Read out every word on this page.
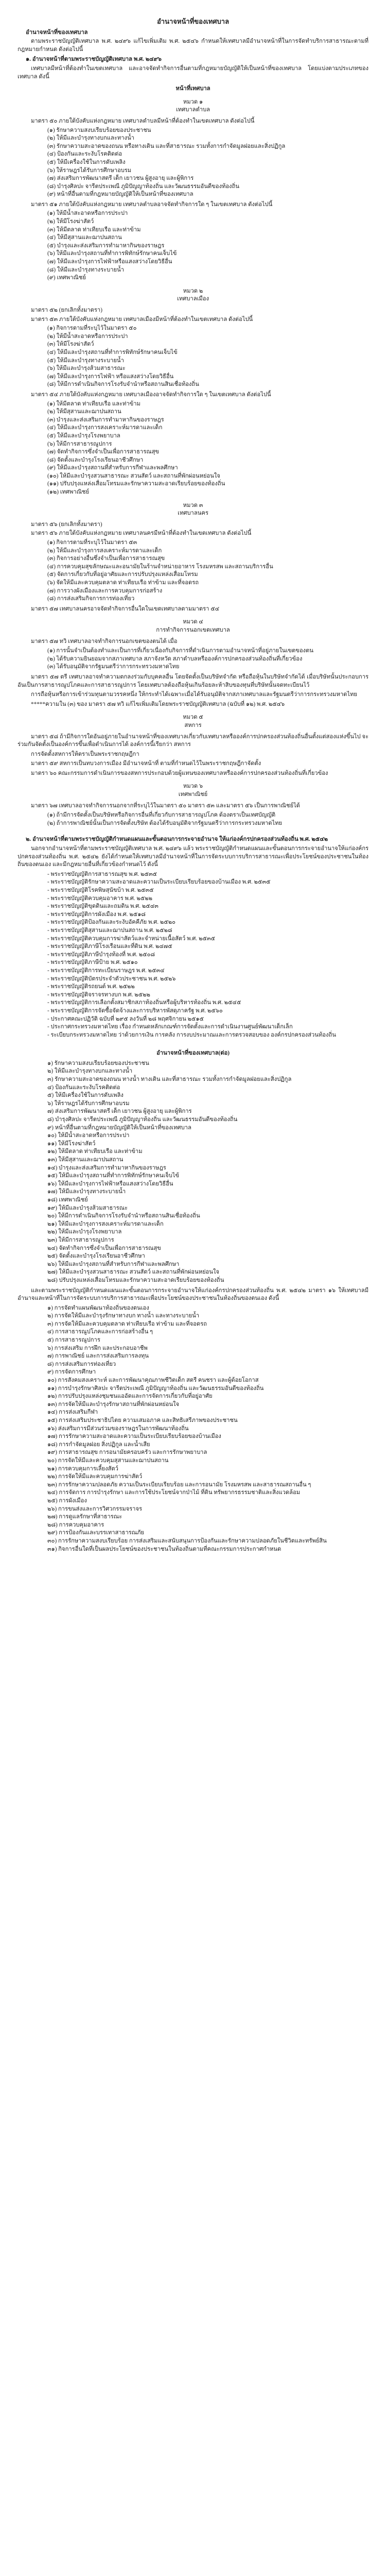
อำนาจหน้าที่ของเทศบาล
อำนาจหน้าที่ของเทศบาล

ตามพระราชบัญญัติเทศบาล พ.ศ. ๒๔๙๖ แก้ไขเพิ่มเติม พ.ศ. ๒๕๔๖ กำหนดให้เทศบาลมีอำนาจหน้าที่ในการจัดทำบริการสาธารณะตามที่กฎหมายกำหนด ดังต่อไปนี้

๑. อำนาจหน้าที่ตามพระราชบัญญัติเทศบาล พ.ศ. ๒๔๙๖

เทศบาลมีหน้าที่ต้องทำในเขตเทศบาล และอาจจัดทำกิจการอื่นตามที่กฎหมายบัญญัติให้เป็นหน้าที่ของเทศบาล โดยแบ่งตามประเภทของเทศบาล ดังนี้

หน้าที่เทศบาล
หมวด ๑
เทศบาลตำบล

มาตรา ๕๐ ภายใต้บังคับแห่งกฎหมาย เทศบาลตำบลมีหน้าที่ต้องทำในเขตเทศบาล ดังต่อไปนี้

(๑) รักษาความสงบเรียบร้อยของประชาชน
(๒) ให้มีและบำรุงทางบกและทางน้ำ
(๓) รักษาความสะอาดของถนน หรือทางเดิน และที่สาธารณะ รวมทั้งการกำจัดมูลฝอยและสิ่งปฏิกูล
(๔) ป้องกันและระงับโรคติดต่อ
(๕) ให้มีเครื่องใช้ในการดับเพลิง
(๖) ให้ราษฎรได้รับการศึกษาอบรม
(๗) ส่งเสริมการพัฒนาสตรี เด็ก เยาวชน ผู้สูงอายุ และผู้พิการ
(๘) บำรุงศิลปะ จารีตประเพณี ภูมิปัญญาท้องถิ่น และวัฒนธรรมอันดีของท้องถิ่น
(๙) หน้าที่อื่นตามที่กฎหมายบัญญัติให้เป็นหน้าที่ของเทศบาล

มาตรา ๕๑ ภายใต้บังคับแห่งกฎหมาย เทศบาลตำบลอาจจัดทำกิจการใด ๆ ในเขตเทศบาล ดังต่อไปนี้

(๑) ให้มีน้ำสะอาดหรือการประปา
(๒) ให้มีโรงฆ่าสัตว์
(๓) ให้มีตลาด ท่าเทียบเรือ และท่าข้าม
(๔) ให้มีสุสานและฌาปนสถาน
(๕) บำรุงและส่งเสริมการทำมาหากินของราษฎร
(๖) ให้มีและบำรุงสถานที่ทำการพิทักษ์รักษาคนเจ็บไข้
(๗) ให้มีและบำรุงการไฟฟ้าหรือแสงสว่างโดยวิธีอื่น
(๘) ให้มีและบำรุงทางระบายน้ำ
(๙) เทศพาณิชย์
หมวด ๒
เทศบาลเมือง

มาตรา ๕๒ (ยกเลิกทั้งมาตรา)

มาตรา ๕๓ ภายใต้บังคับแห่งกฎหมาย เทศบาลเมืองมีหน้าที่ต้องทำในเขตเทศบาล ดังต่อไปนี้

(๑) กิจการตามที่ระบุไว้ในมาตรา ๕๐
(๒) ให้มีน้ำสะอาดหรือการประปา
(๓) ให้มีโรงฆ่าสัตว์
(๔) ให้มีและบำรุงสถานที่ทำการพิทักษ์รักษาคนเจ็บไข้
(๕) ให้มีและบำรุงทางระบายน้ำ
(๖) ให้มีและบำรุงส้วมสาธารณะ
(๗) ให้มีและบำรุงการไฟฟ้า หรือแสงสว่างโดยวิธีอื่น
(๘) ให้มีการดำเนินกิจการโรงรับจำนำหรือสถานสินเชื่อท้องถิ่น

มาตรา ๕๔ ภายใต้บังคับแห่งกฎหมาย เทศบาลเมืองอาจจัดทำกิจการใด ๆ ในเขตเทศบาล ดังต่อไปนี้

(๑) ให้มีตลาด ท่าเทียบเรือ และท่าข้าม
(๒) ให้มีสุสานและฌาปนสถาน
(๓) บำรุงและส่งเสริมการทำมาหากินของราษฎร
(๔) ให้มีและบำรุงการสงเคราะห์มารดาและเด็ก
(๕) ให้มีและบำรุงโรงพยาบาล
(๖) ให้มีการสาธารณูปการ
(๗) จัดทำกิจการซึ่งจำเป็นเพื่อการสาธารณสุข
(๘) จัดตั้งและบำรุงโรงเรียนอาชีวศึกษา
(๙) ให้มีและบำรุงสถานที่สำหรับการกีฬาและพลศึกษา
(๑๐) ให้มีและบำรุงสวนสาธารณะ สวนสัตว์ และสถานที่พักผ่อนหย่อนใจ
(๑๑) ปรับปรุงแหล่งเสื่อมโทรมและรักษาความสะอาดเรียบร้อยของท้องถิ่น
(๑๒) เทศพาณิชย์
หมวด ๓
เทศบาลนคร

มาตรา ๕๖ (ยกเลิกทั้งมาตรา)

มาตรา ๕๖ ภายใต้บังคับแห่งกฎหมาย เทศบาลนครมีหน้าที่ต้องทำในเขตเทศบาล ดังต่อไปนี้

(๑) กิจการตามที่ระบุไว้ในมาตรา ๕๓
(๒) ให้มีและบำรุงการสงเคราะห์มารดาและเด็ก
(๓) กิจการอย่างอื่นซึ่งจำเป็นเพื่อการสาธารณสุข
(๔) การควบคุมสุขลักษณะและอนามัยในร้านจำหน่ายอาหาร โรงมหรสพ และสถานบริการอื่น
(๕) จัดการเกี่ยวกับที่อยู่อาศัยและการปรับปรุงแหล่งเสื่อมโทรม
(๖) จัดให้มีและควบคุมตลาด ท่าเทียบเรือ ท่าข้าม และที่จอดรถ
(๗) การวางผังเมืองและการควบคุมการก่อสร้าง
(๘) การส่งเสริมกิจการการท่องเที่ยว

มาตรา ๕๗ เทศบาลนครอาจจัดทำกิจการอื่นใดในเขตเทศบาลตามมาตรา ๕๔

หมวด ๔
การทำกิจการนอกเขตเทศบาล

มาตรา ๕๗ ทวิ เทศบาลอาจทำกิจการนอกเขตของตนได้ เมื่อ

(๑) การนั้นจำเป็นต้องทำและเป็นการที่เกี่ยวเนื่องกับกิจการที่ดำเนินการตามอำนาจหน้าที่อยู่ภายในเขตของตน
(๒) ได้รับความยินยอมจากสภาเทศบาล สภาจังหวัด สภาตำบลหรือองค์การปกครองส่วนท้องถิ่นที่เกี่ยวข้อง
(๓) ได้รับอนุมัติจากรัฐมนตรีว่าการกระทรวงมหาดไทย

มาตรา ๕๗ ตรี เทศบาลอาจทำความตกลงร่วมกับบุคคลอื่น โดยจัดตั้งเป็นบริษัทจำกัด หรือถือหุ้นในบริษัทจำกัดได้ เมื่อบริษัทนั้นประกอบการอันเป็นการสาธารณูปโภคและการสาธารณูปการ โดยเทศบาลต้องถือหุ้นเกินร้อยละห้าสิบของทุนที่บริษัทนั้นจดทะเบียนไว้

การถือหุ้นหรือการเข้าร่วมทุนตามวรรคหนึ่ง ให้กระทำได้เฉพาะเมื่อได้รับอนุมัติจากสภาเทศบาลและรัฐมนตรีว่าการกระทรวงมหาดไทย

*****ความใน (๓) ของ มาตรา ๕๗ ทวิ แก้ไขเพิ่มเติมโดยพระราชบัญญัติเทศบาล (ฉบับที่ ๑๒) พ.ศ. ๒๕๔๖

หมวด ๕
สหการ

มาตรา ๕๘ ถ้ามีกิจการใดอันอยู่ภายในอำนาจหน้าที่ของเทศบาลเกี่ยวกับเทศบาลหรือองค์การปกครองส่วนท้องถิ่นอื่นตั้งแต่สองแห่งขึ้นไป จะร่วมกันจัดตั้งเป็นองค์การขึ้นเพื่อดำเนินการได้ องค์การนี้เรียกว่า สหการ

การจัดตั้งสหการให้ตราเป็นพระราชกฤษฎีกา

มาตรา ๕๙ สหการเป็นทบวงการเมือง มีอำนาจหน้าที่ ตามที่กำหนดไว้ในพระราชกฤษฎีกาจัดตั้ง

มาตรา ๖๐ คณะกรรมการดำเนินการของสหการประกอบด้วยผู้แทนของเทศบาลหรือองค์การปกครองส่วนท้องถิ่นที่เกี่ยวข้อง

หมวด ๖
เทศพาณิชย์

มาตรา ๖๗ เทศบาลอาจทำกิจการนอกจากที่ระบุไว้ในมาตรา ๕๐ มาตรา ๕๓ และมาตรา ๕๖ เป็นการพาณิชย์ได้

(๑) ถ้ามีการจัดตั้งเป็นบริษัทหรือกิจการอื่นที่เกี่ยวกับการสาธารณูปโภค ต้องตราเป็นเทศบัญญัติ
(๒) ถ้าการพาณิชย์นั้นเป็นการจัดตั้งบริษัท ต้องได้รับอนุมัติจากรัฐมนตรีว่าการกระทรวงมหาดไทย
๒. อำนาจหน้าที่ตามพระราชบัญญัติกำหนดแผนและขั้นตอนการกระจายอำนาจ ให้แก่องค์กรปกครองส่วนท้องถิ่น พ.ศ. ๒๕๔๒

นอกจากอำนาจหน้าที่ตามพระราชบัญญัติเทศบาล พ.ศ. ๒๔๙๖ แล้ว พระราชบัญญัติกำหนดแผนและขั้นตอนการกระจายอำนาจให้แก่องค์กรปกครองส่วนท้องถิ่น พ.ศ. ๒๕๔๒ ยังได้กำหนดให้เทศบาลมีอำนาจหน้าที่ในการจัดระบบการบริการสาธารณะเพื่อประโยชน์ของประชาชนในท้องถิ่นของตนเอง และมีกฎหมายอื่นที่เกี่ยวข้องกำหนดไว้ ดังนี้

- พระราชบัญญัติการสาธารณสุข พ.ศ. ๒๕๓๕
- พระราชบัญญัติรักษาความสะอาดและความเป็นระเบียบเรียบร้อยของบ้านเมือง พ.ศ. ๒๕๓๕
- พระราชบัญญัติโรคพิษสุนัขบ้า พ.ศ. ๒๕๓๕
- พระราชบัญญัติควบคุมอาคาร พ.ศ. ๒๕๒๒
- พระราชบัญญัติขุดดินและถมดิน พ.ศ. ๒๕๔๓
- พระราชบัญญัติการผังเมือง พ.ศ. ๒๕๑๘
- พระราชบัญญัติป้องกันและระงับอัคคีภัย พ.ศ. ๒๕๒๐
- พระราชบัญญัติสุสานและฌาปนสถาน พ.ศ. ๒๕๒๘
- พระราชบัญญัติควบคุมการฆ่าสัตว์และจำหน่ายเนื้อสัตว์ พ.ศ. ๒๕๓๕
- พระราชบัญญัติภาษีโรงเรือนและที่ดิน พ.ศ. ๒๔๗๕
- พระราชบัญญัติภาษีบำรุงท้องที่ พ.ศ. ๒๕๐๘
- พระราชบัญญัติภาษีป้าย พ.ศ. ๒๕๑๐
- พระราชบัญญัติการทะเบียนราษฎร พ.ศ. ๒๕๓๔
- พระราชบัญญัติบัตรประจำตัวประชาชน พ.ศ. ๒๕๒๖
- พระราชบัญญัติรถยนต์ พ.ศ. ๒๕๒๒
- พระราชบัญญัติจราจรทางบก พ.ศ. ๒๕๒๒
- พระราชบัญญัติการเลือกตั้งสมาชิกสภาท้องถิ่นหรือผู้บริหารท้องถิ่น พ.ศ. ๒๕๔๕
- พระราชบัญญัติการจัดซื้อจัดจ้างและการบริหารพัสดุภาครัฐ พ.ศ. ๒๕๖๐
- ประกาศคณะปฏิวัติ ฉบับที่ ๒๙๕ ลงวันที่ ๒๘ พฤศจิกายน ๒๕๑๕
- ประกาศกระทรวงมหาดไทย เรื่อง กำหนดหลักเกณฑ์การจัดตั้งและการดำเนินงานศูนย์พัฒนาเด็กเล็ก
- ระเบียบกระทรวงมหาดไทย ว่าด้วยการเงิน การคลัง การงบประมาณและการตรวจสอบของ องค์กรปกครองส่วนท้องถิ่น
อำนาจหน้าที่ของเทศบาล(ต่อ)
๑) รักษาความสงบเรียบร้อยของประชาชน
๒) ให้มีและบำรุงทางบกและทางน้ำ
๓) รักษาความสะอาดของถนน ทางน้ำ ทางเดิน และที่สาธารณะ รวมทั้งการกำจัดมูลฝอยและสิ่งปฏิกูล
๔) ป้องกันและระงับโรคติดต่อ
๕) ให้มีเครื่องใช้ในการดับเพลิง
๖) ให้ราษฎรได้รับการศึกษาอบรม
๗) ส่งเสริมการพัฒนาสตรี เด็ก เยาวชน ผู้สูงอายุ และผู้พิการ
๘) บำรุงศิลปะ จารีตประเพณี ภูมิปัญญาท้องถิ่น และวัฒนธรรมอันดีของท้องถิ่น
๙) หน้าที่อื่นตามที่กฎหมายบัญญัติให้เป็นหน้าที่ของเทศบาล
๑๐) ให้มีน้ำสะอาดหรือการประปา
๑๑) ให้มีโรงฆ่าสัตว์
๑๒) ให้มีตลาด ท่าเทียบเรือ และท่าข้าม
๑๓) ให้มีสุสานและฌาปนสถาน
๑๔) บำรุงและส่งเสริมการทำมาหากินของราษฎร
๑๕) ให้มีและบำรุงสถานที่ทำการพิทักษ์รักษาคนเจ็บไข้
๑๖) ให้มีและบำรุงการไฟฟ้าหรือแสงสว่างโดยวิธีอื่น
๑๗) ให้มีและบำรุงทางระบายน้ำ
๑๘) เทศพาณิชย์
๑๙) ให้มีและบำรุงส้วมสาธารณะ
๒๐) ให้มีการดำเนินกิจการโรงรับจำนำหรือสถานสินเชื่อท้องถิ่น
๒๑) ให้มีและบำรุงการสงเคราะห์มารดาและเด็ก
๒๒) ให้มีและบำรุงโรงพยาบาล
๒๓) ให้มีการสาธารณูปการ
๒๔) จัดทำกิจการซึ่งจำเป็นเพื่อการสาธารณสุข
๒๕) จัดตั้งและบำรุงโรงเรียนอาชีวศึกษา
๒๖) ให้มีและบำรุงสถานที่สำหรับการกีฬาและพลศึกษา
๒๗) ให้มีและบำรุงสวนสาธารณะ สวนสัตว์ และสถานที่พักผ่อนหย่อนใจ
๒๘) ปรับปรุงแหล่งเสื่อมโทรมและรักษาความสะอาดเรียบร้อยของท้องถิ่น

และตามพระราชบัญญัติกำหนดแผนและขั้นตอนการกระจายอำนาจให้แก่องค์กรปกครองส่วนท้องถิ่น พ.ศ. ๒๕๔๒ มาตรา ๑๖ ให้เทศบาลมีอำนาจและหน้าที่ในการจัดระบบการบริการสาธารณะเพื่อประโยชน์ของประชาชนในท้องถิ่นของตนเอง ดังนี้

๑) การจัดทำแผนพัฒนาท้องถิ่นของตนเอง
๒) การจัดให้มีและบำรุงรักษาทางบก ทางน้ำ และทางระบายน้ำ
๓) การจัดให้มีและควบคุมตลาด ท่าเทียบเรือ ท่าข้าม และที่จอดรถ
๔) การสาธารณูปโภคและการก่อสร้างอื่น ๆ
๕) การสาธารณูปการ
๖) การส่งเสริม การฝึก และประกอบอาชีพ
๗) การพาณิชย์ และการส่งเสริมการลงทุน
๘) การส่งเสริมการท่องเที่ยว
๙) การจัดการศึกษา
๑๐) การสังคมสงเคราะห์ และการพัฒนาคุณภาพชีวิตเด็ก สตรี คนชรา และผู้ด้อยโอกาส
๑๑) การบำรุงรักษาศิลปะ จารีตประเพณี ภูมิปัญญาท้องถิ่น และวัฒนธรรมอันดีของท้องถิ่น
๑๒) การปรับปรุงแหล่งชุมชนแออัดและการจัดการเกี่ยวกับที่อยู่อาศัย
๑๓) การจัดให้มีและบำรุงรักษาสถานที่พักผ่อนหย่อนใจ
๑๔) การส่งเสริมกีฬา
๑๕) การส่งเสริมประชาธิปไตย ความเสมอภาค และสิทธิเสรีภาพของประชาชน
๑๖) ส่งเสริมการมีส่วนร่วมของราษฎรในการพัฒนาท้องถิ่น
๑๗) การรักษาความสะอาดและความเป็นระเบียบเรียบร้อยของบ้านเมือง
๑๘) การกำจัดมูลฝอย สิ่งปฏิกูล และน้ำเสีย
๑๙) การสาธารณสุข การอนามัยครอบครัว และการรักษาพยาบาล
๒๐) การจัดให้มีและควบคุมสุสานและฌาปนสถาน
๒๑) การควบคุมการเลี้ยงสัตว์
๒๒) การจัดให้มีและควบคุมการฆ่าสัตว์
๒๓) การรักษาความปลอดภัย ความเป็นระเบียบเรียบร้อย และการอนามัย โรงมหรสพ และสาธารณสถานอื่น ๆ
๒๔) การจัดการ การบำรุงรักษา และการใช้ประโยชน์จากป่าไม้ ที่ดิน ทรัพยากรธรรมชาติและสิ่งแวดล้อม
๒๕) การผังเมือง
๒๖) การขนส่งและการวิศวกรรมจราจร
๒๗) การดูแลรักษาที่สาธารณะ
๒๘) การควบคุมอาคาร
๒๙) การป้องกันและบรรเทาสาธารณภัย
๓๐) การรักษาความสงบเรียบร้อย การส่งเสริมและสนับสนุนการป้องกันและรักษาความปลอดภัยในชีวิตและทรัพย์สิน
๓๑) กิจการอื่นใดที่เป็นผลประโยชน์ของประชาชนในท้องถิ่นตามที่คณะกรรมการประกาศกำหนด
